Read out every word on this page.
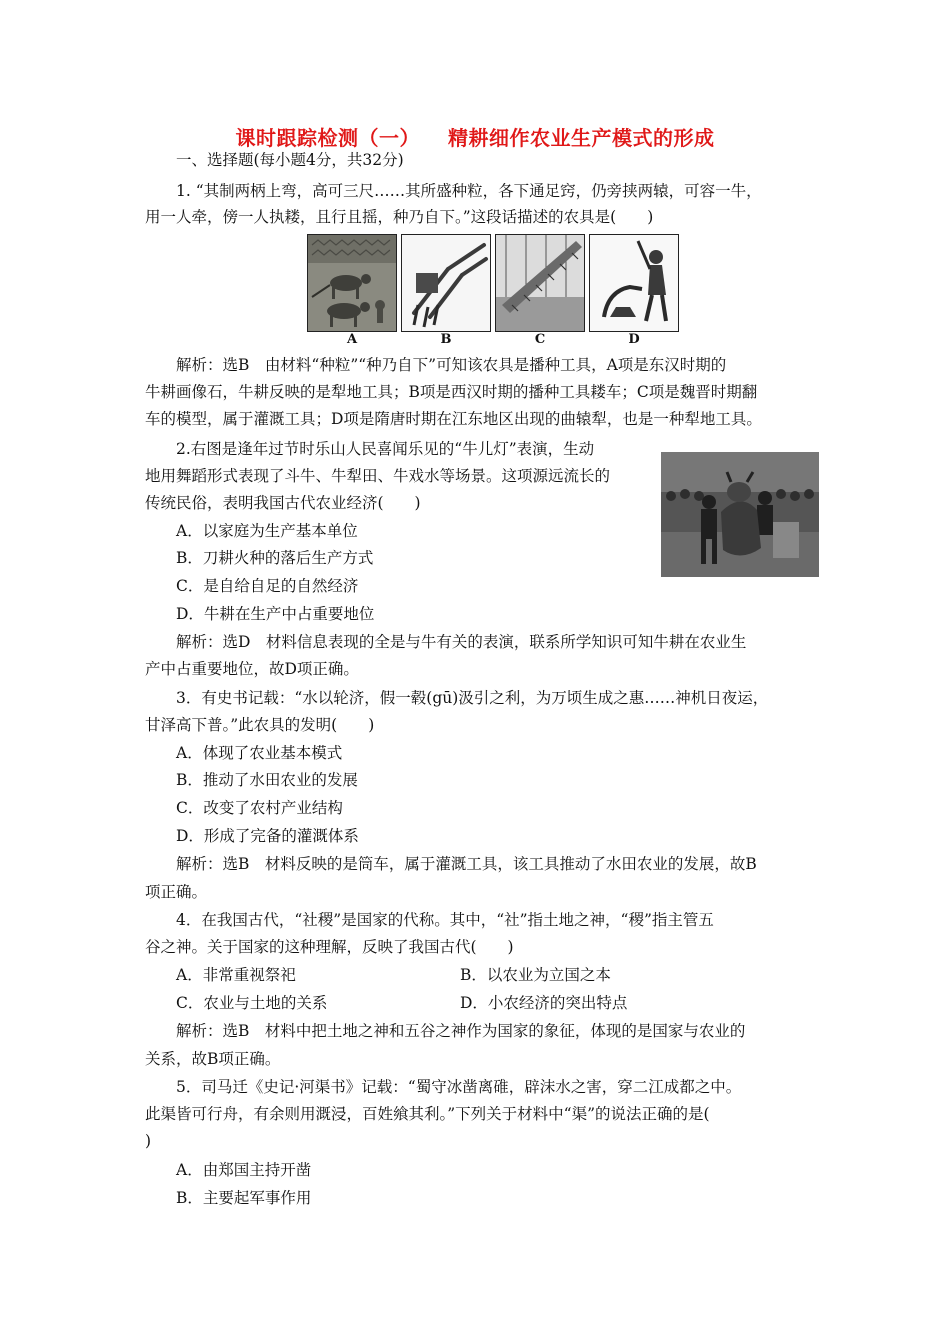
课时跟踪检测（一） 精耕细作农业生产模式的形成
一、选择题(每小题4分，共32分)
1. “其制两柄上弯，高可三尺……其所盛种粒，各下通足窍，仍旁挟两辕，可容一牛，
用一人牵，傍一人执耧，且行且摇，种乃自下。”这段话描述的农具是(　　)
A	B	C	D
解析：选B　由材料“种粒”“种乃自下”可知该农具是播种工具，A项是东汉时期的
牛耕画像石，牛耕反映的是犁地工具；B项是西汉时期的播种工具耧车；C项是魏晋时期翻
车的模型，属于灌溉工具；D项是隋唐时期在江东地区出现的曲辕犁，也是一种犁地工具。
2.右图是逢年过节时乐山人民喜闻乐见的“牛儿灯”表演，生动
地用舞蹈形式表现了斗牛、牛犁田、牛戏水等场景。这项源远流长的
传统民俗，表明我国古代农业经济(　　)
A．以家庭为生产基本单位
B．刀耕火种的落后生产方式
C．是自给自足的自然经济
D．牛耕在生产中占重要地位
解析：选D　材料信息表现的全是与牛有关的表演，联系所学知识可知牛耕在农业生
产中占重要地位，故D项正确。
3．有史书记载：“水以轮济，假一毂(gū)汲引之利，为万顷生成之惠……神机日夜运，
甘泽高下普。”此农具的发明(　　)
A．体现了农业基本模式
B．推动了水田农业的发展
C．改变了农村产业结构
D．形成了完备的灌溉体系
解析：选B　材料反映的是筒车，属于灌溉工具，该工具推动了水田农业的发展，故B
项正确。
4．在我国古代，“社稷”是国家的代称。其中，“社”指土地之神，“稷”指主管五
谷之神。关于国家的这种理解，反映了我国古代(　　)
A．非常重视祭祀	B．以农业为立国之本
C．农业与土地的关系	D．小农经济的突出特点
解析：选B　材料中把土地之神和五谷之神作为国家的象征，体现的是国家与农业的
关系，故B项正确。
5．司马迁《史记·河渠书》记载：“蜀守冰凿离碓，辟沫水之害，穿二江成都之中。
此渠皆可行舟，有余则用溉浸，百姓飨其利。”下列关于材料中“渠”的说法正确的是(
)
A．由郑国主持开凿
B．主要起军事作用
